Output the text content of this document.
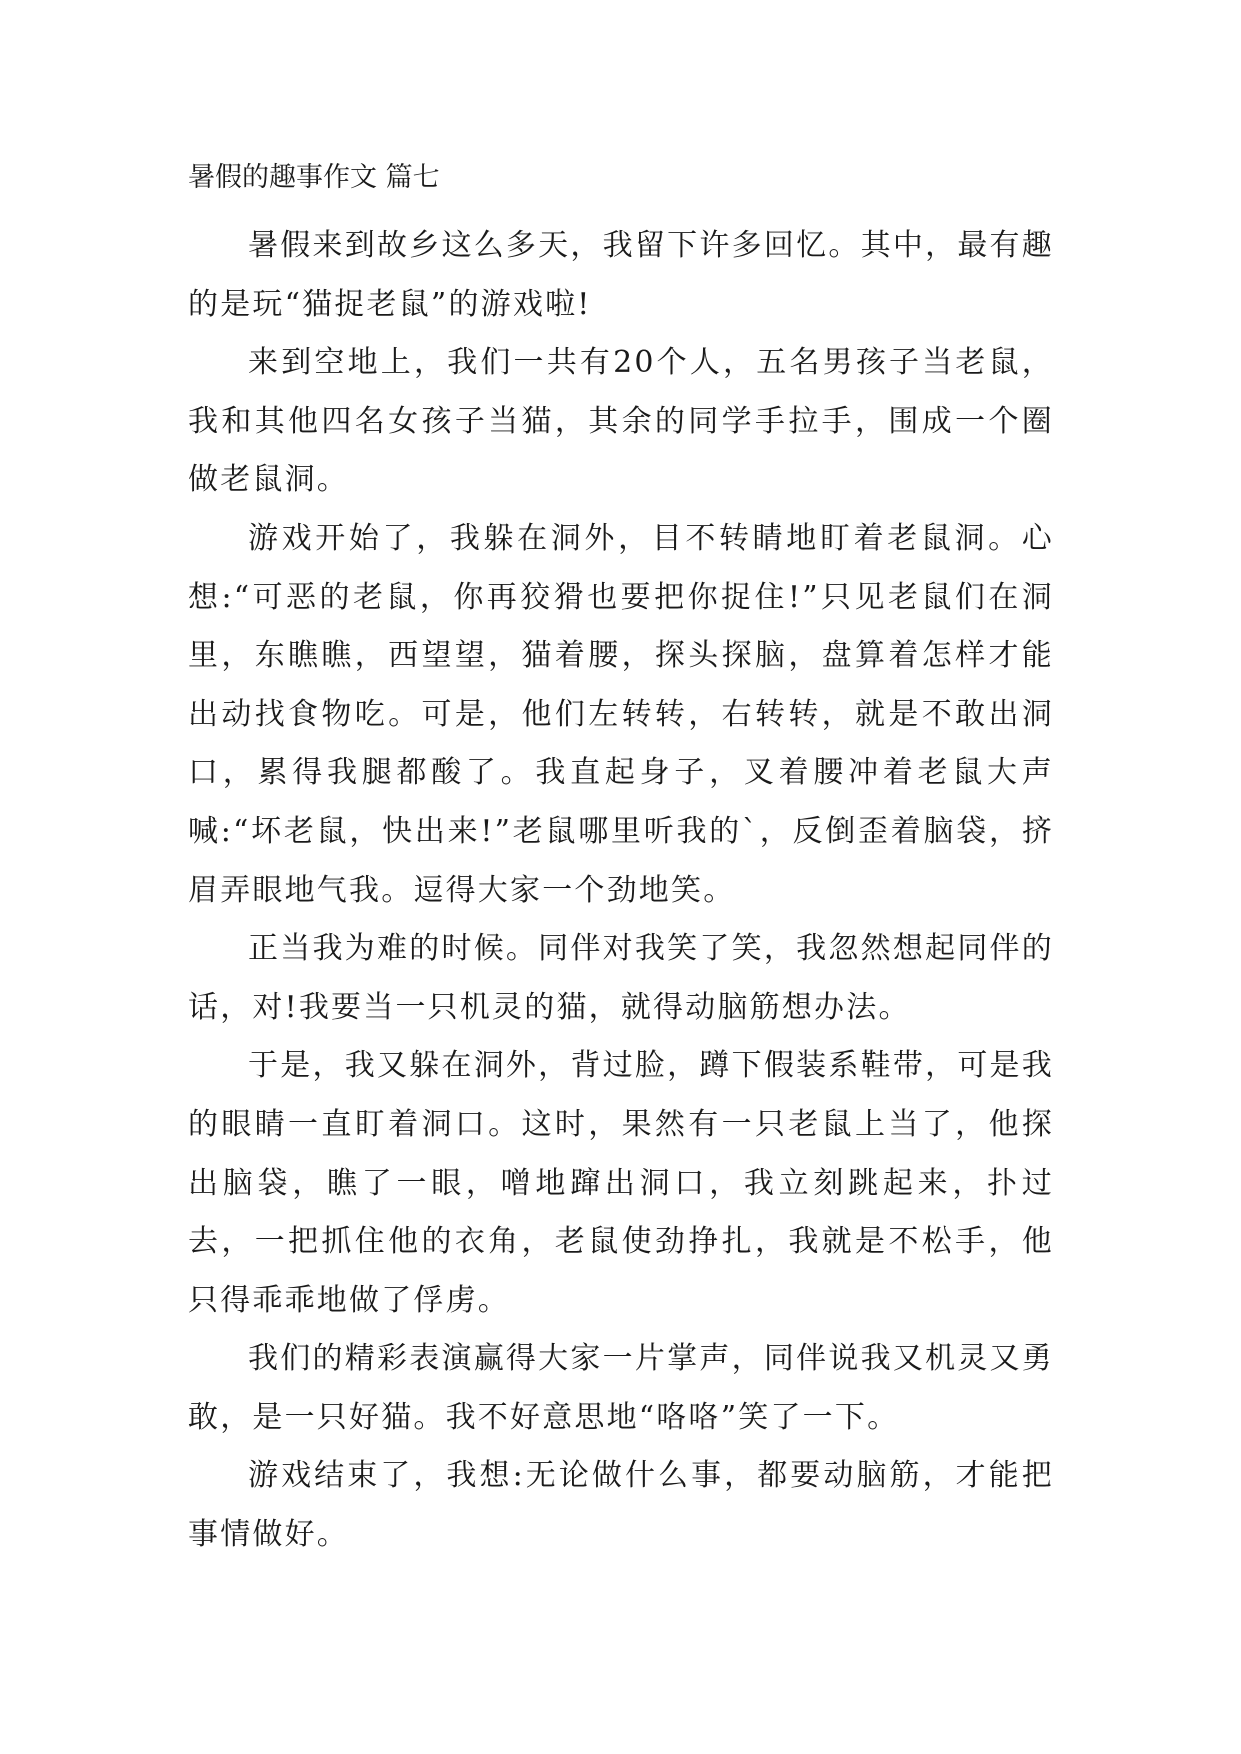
暑假的趣事作文 篇七

暑假来到故乡这么多天，我留下许多回忆。其中，最有趣的是玩“猫捉老鼠”的游戏啦!

来到空地上，我们一共有20个人，五名男孩子当老鼠，我和其他四名女孩子当猫，其余的同学手拉手，围成一个圈做老鼠洞。

游戏开始了，我躲在洞外，目不转睛地盯着老鼠洞。心想:“可恶的老鼠，你再狡猾也要把你捉住!”只见老鼠们在洞里，东瞧瞧，西望望，猫着腰，探头探脑，盘算着怎样才能出动找食物吃。可是，他们左转转，右转转，就是不敢出洞口，累得我腿都酸了。我直起身子，叉着腰冲着老鼠大声喊:“坏老鼠，快出来!”老鼠哪里听我的`，反倒歪着脑袋，挤眉弄眼地气我。逗得大家一个劲地笑。

正当我为难的时候。同伴对我笑了笑，我忽然想起同伴的话，对!我要当一只机灵的猫，就得动脑筋想办法。

于是，我又躲在洞外，背过脸，蹲下假装系鞋带，可是我的眼睛一直盯着洞口。这时，果然有一只老鼠上当了，他探出脑袋，瞧了一眼，噌地蹿出洞口，我立刻跳起来，扑过去，一把抓住他的衣角，老鼠使劲挣扎，我就是不松手，他只得乖乖地做了俘虏。

我们的精彩表演赢得大家一片掌声，同伴说我又机灵又勇敢，是一只好猫。我不好意思地“咯咯”笑了一下。

游戏结束了，我想:无论做什么事，都要动脑筋，才能把事情做好。
